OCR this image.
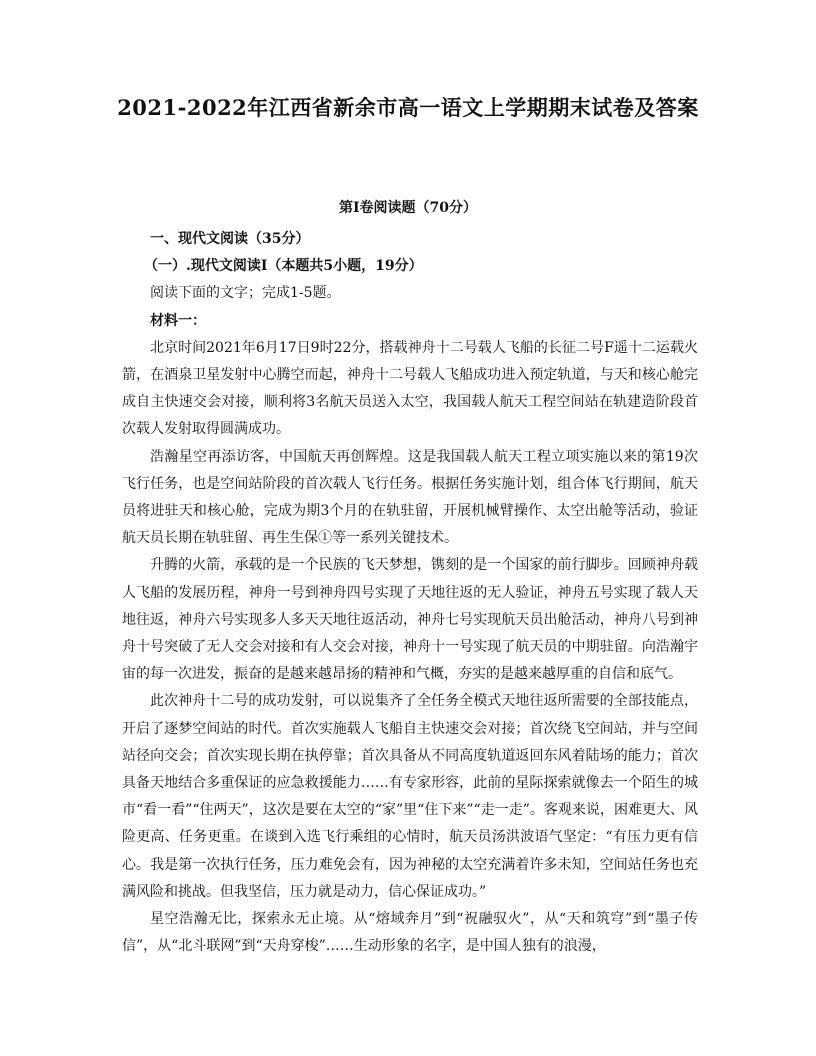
2021-2022年江西省新余市高一语文上学期期末试卷及答案
第Ⅰ卷阅读题（70分）

一、现代文阅读（35分）

（一）.现代文阅读Ⅰ（本题共5小题，19分）

阅读下面的文字；完成1-5题。

材料一：

北京时间2021年6月17日9时22分，搭载神舟十二号载人飞船的长征二号F遥十二运载火箭，在酒泉卫星发射中心腾空而起，神舟十二号载人飞船成功进入预定轨道，与天和核心舱完成自主快速交会对接，顺利将3名航天员送入太空，我国载人航天工程空间站在轨建造阶段首次载人发射取得圆满成功。

浩瀚星空再添访客，中国航天再创辉煌。这是我国载人航天工程立项实施以来的第19次飞行任务，也是空间站阶段的首次载人飞行任务。根据任务实施计划，组合体飞行期间，航天员将进驻天和核心舱，完成为期3个月的在轨驻留，开展机械臂操作、太空出舱等活动，验证航天员长期在轨驻留、再生生保①等一系列关键技术。

升腾的火箭，承载的是一个民族的飞天梦想，镌刻的是一个国家的前行脚步。回顾神舟载人飞船的发展历程，神舟一号到神舟四号实现了天地往返的无人验证，神舟五号实现了载人天地往返，神舟六号实现多人多天天地往返活动，神舟七号实现航天员出舱活动，神舟八号到神舟十号突破了无人交会对接和有人交会对接，神舟十一号实现了航天员的中期驻留。向浩瀚宇宙的每一次进发，振奋的是越来越昂扬的精神和气概，夯实的是越来越厚重的自信和底气。

此次神舟十二号的成功发射，可以说集齐了全任务全模式天地往返所需要的全部技能点，开启了逐梦空间站的时代。首次实施载人飞船自主快速交会对接；首次绕飞空间站，并与空间站径向交会；首次实现长期在执停靠；首次具备从不同高度轨道返回东风着陆场的能力；首次具备天地结合多重保证的应急救援能力……有专家形容，此前的星际探索就像去一个陌生的城市“看一看”“住两天”，这次是要在太空的“家”里“住下来”“走一走”。客观来说，困难更大、风险更高、任务更重。在谈到入选飞行乘组的心情时，航天员汤洪波语气坚定：“有压力更有信心。我是第一次执行任务，压力难免会有，因为神秘的太空充满着许多未知，空间站任务也充满风险和挑战。但我坚信，压力就是动力，信心保证成功。”

星空浩瀚无比，探索永无止境。从“熔域奔月”到“祝融驭火”，从“天和筑穹”到“墨子传信”，从“北斗联网”到“天舟穿梭”……生动形象的名字，是中国人独有的浪漫，
